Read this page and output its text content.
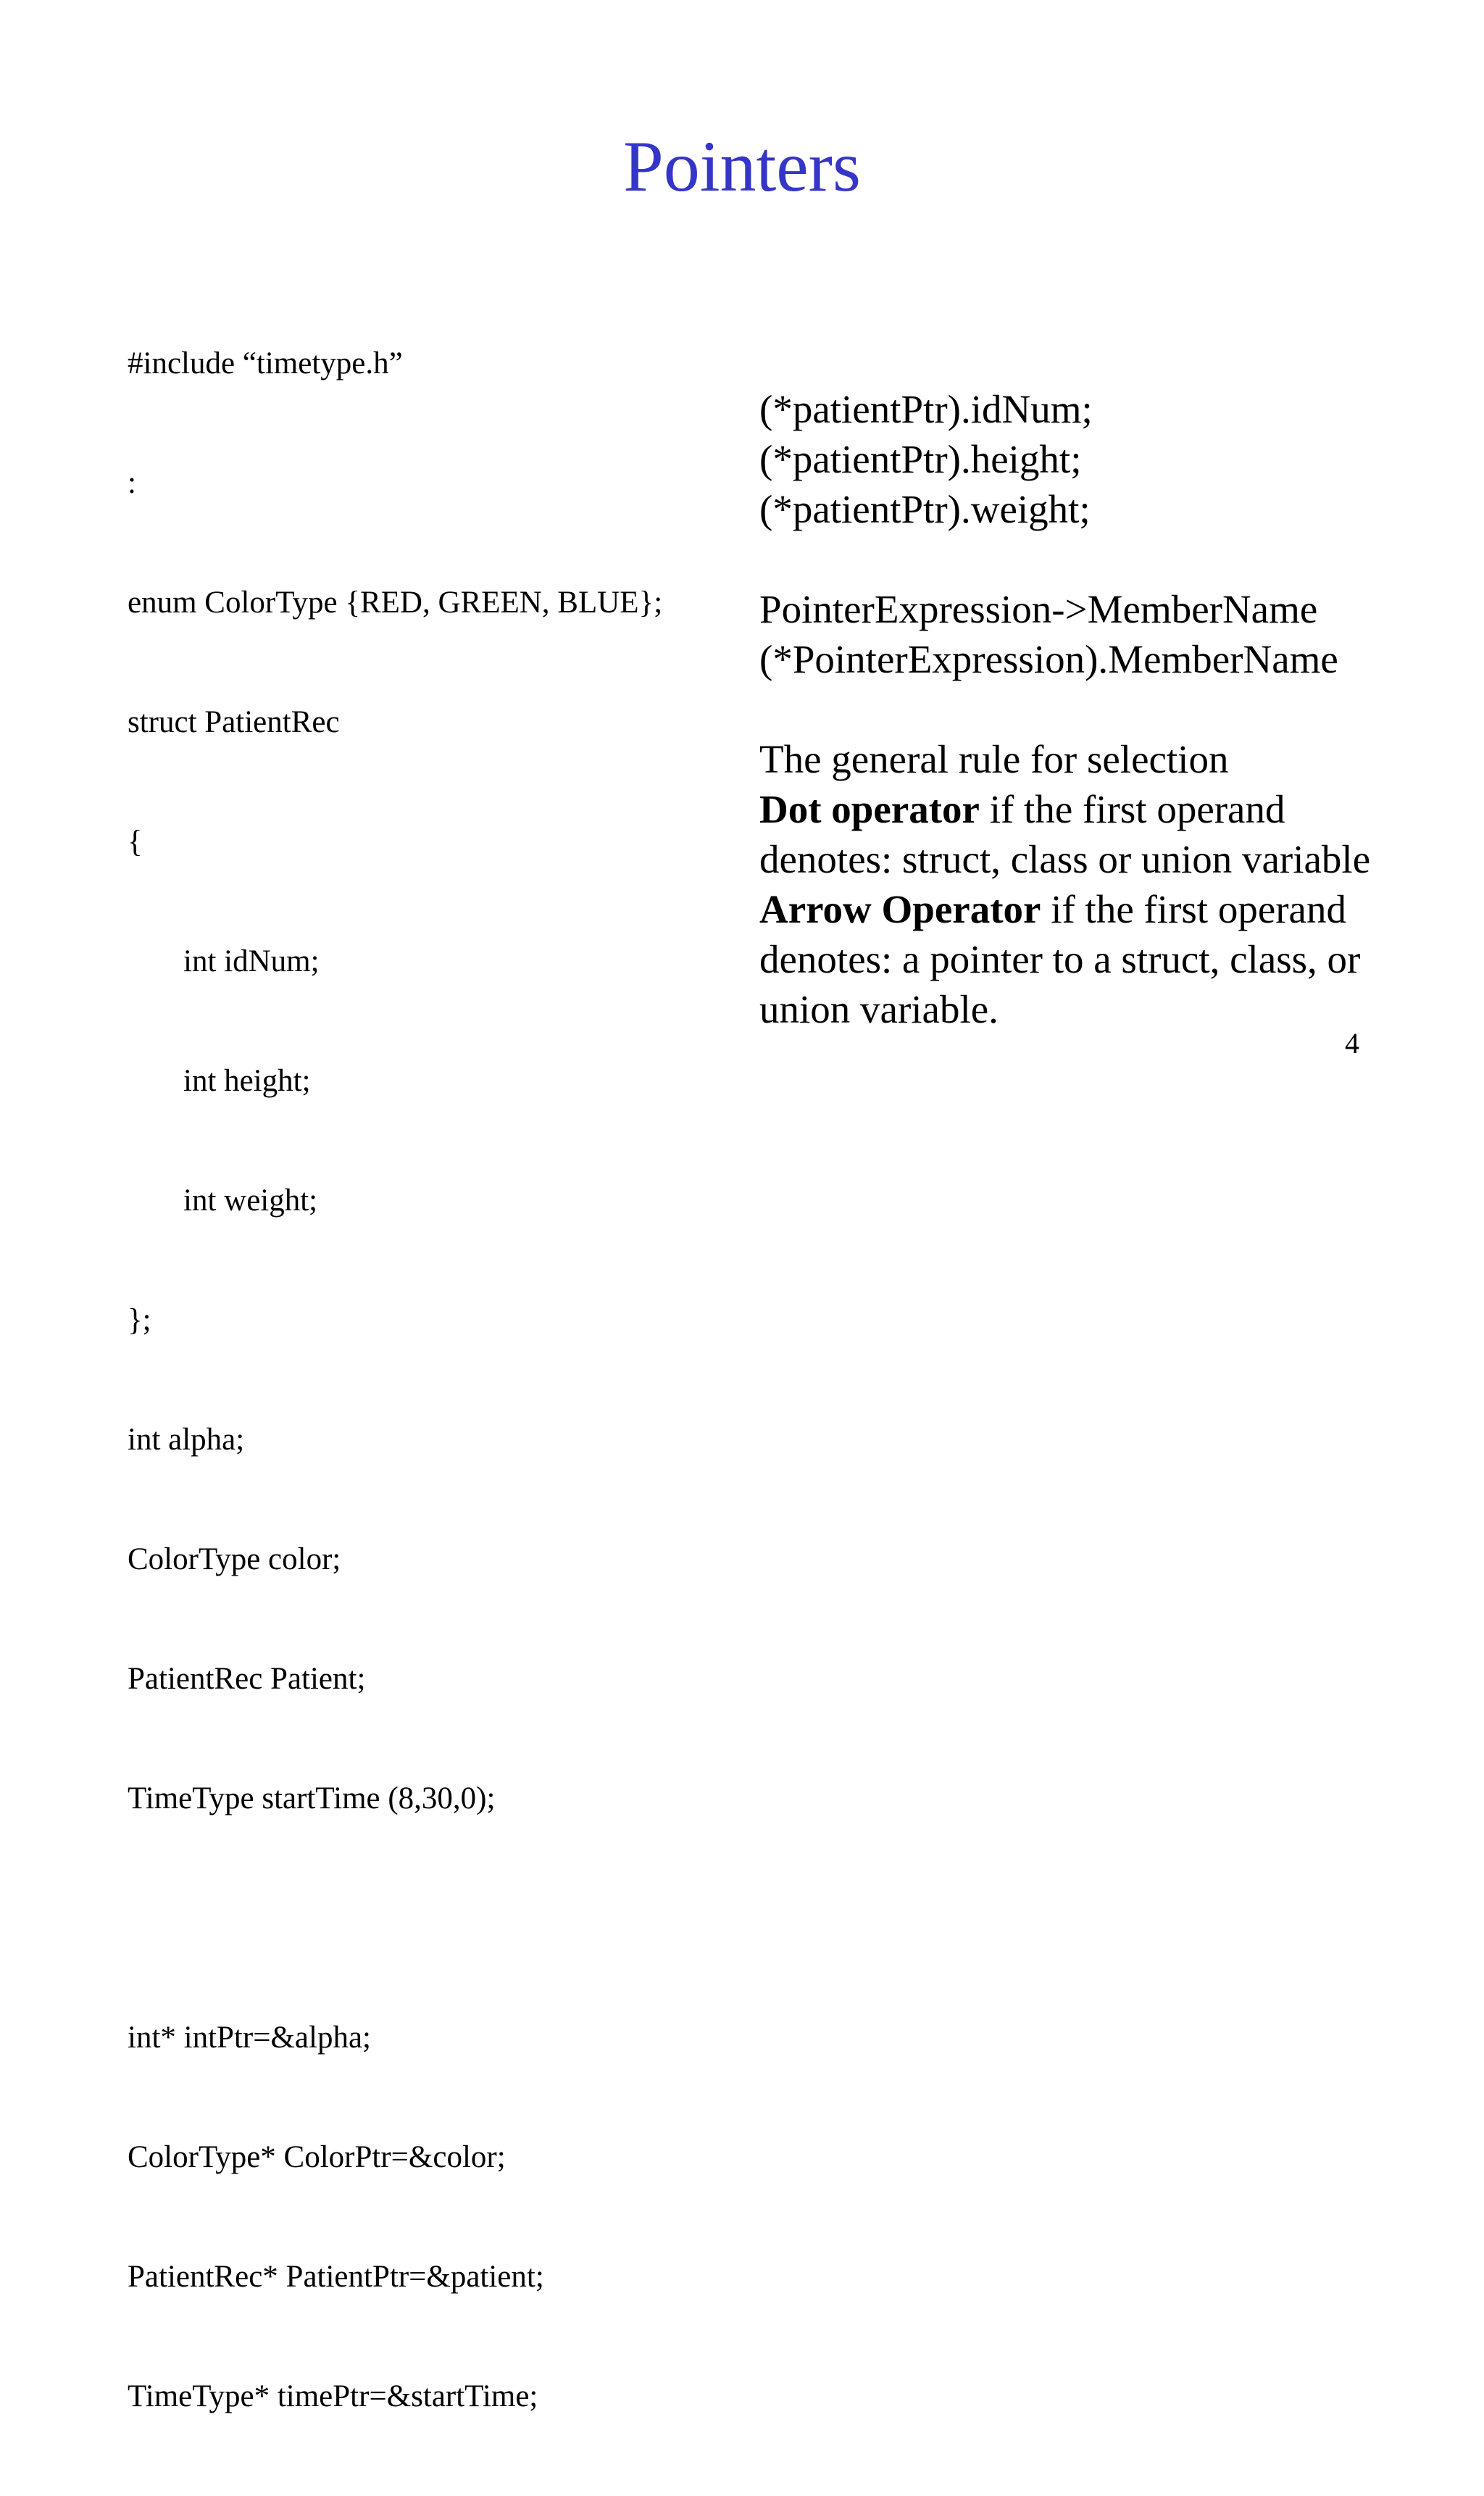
Pointers

#include “timetype.h”

:

enum ColorType {RED, GREEN, BLUE};

struct PatientRec

{

int idNum;

int height;

int weight;

};

int alpha;

ColorType color;

PatientRec Patient;

TimeType startTime (8,30,0);

int* intPtr=&alpha;

ColorType* ColorPtr=&color;

PatientRec* PatientPtr=&patient;

TimeType* timePtr=&startTime;

(*patientPtr).idNum;
(*patientPtr).height;
(*patientPtr).weight;
PointerExpression->MemberName
(*PointerExpression).MemberName
The general rule for selection
Dot operator if the first operand
denotes: struct, class or union variable
Arrow Operator if the first operand
denotes: a pointer to a struct, class, or
union variable.
4
